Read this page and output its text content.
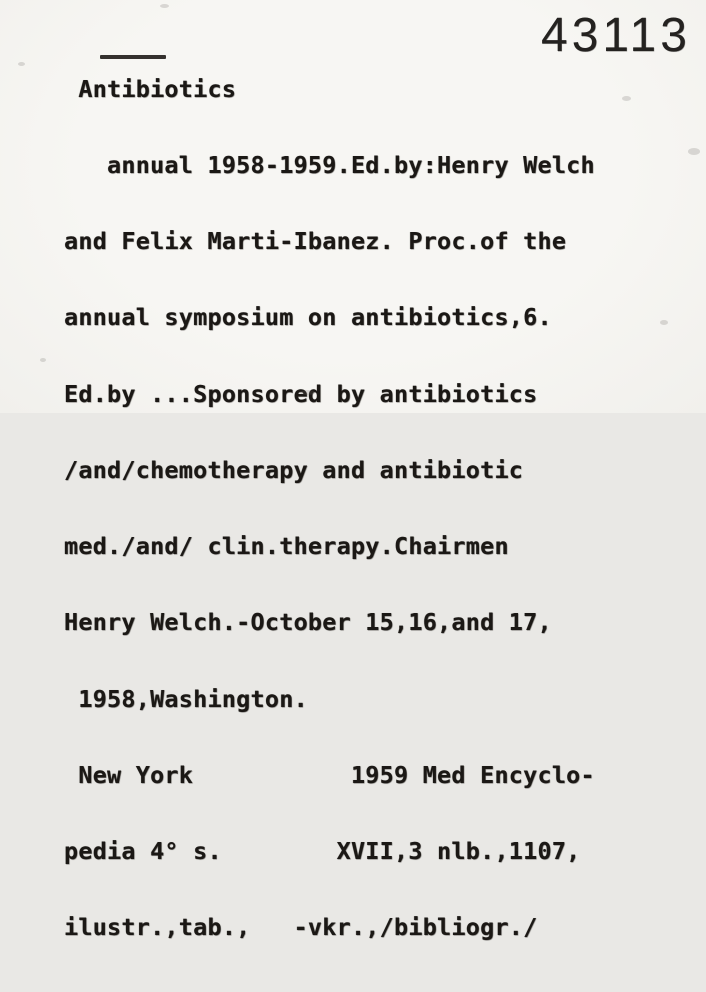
43113

Antibiotics

annual 1958-1959.Ed.by:Henry Welch

and Felix Marti-Ibanez. Proc.of the

annual symposium on antibiotics,6.

Ed.by ...Sponsored by antibiotics

/and/chemotherapy and antibiotic

med./and/ clin.therapy.Chairmen

Henry Welch.-October 15,16,and 17,

1958,Washington.

New York           1959 Med Encyclo-

pedia 4° s.        XVII,3 nlb.,1107,

ilustr.,tab.,   -vkr.,/bibliogr./
